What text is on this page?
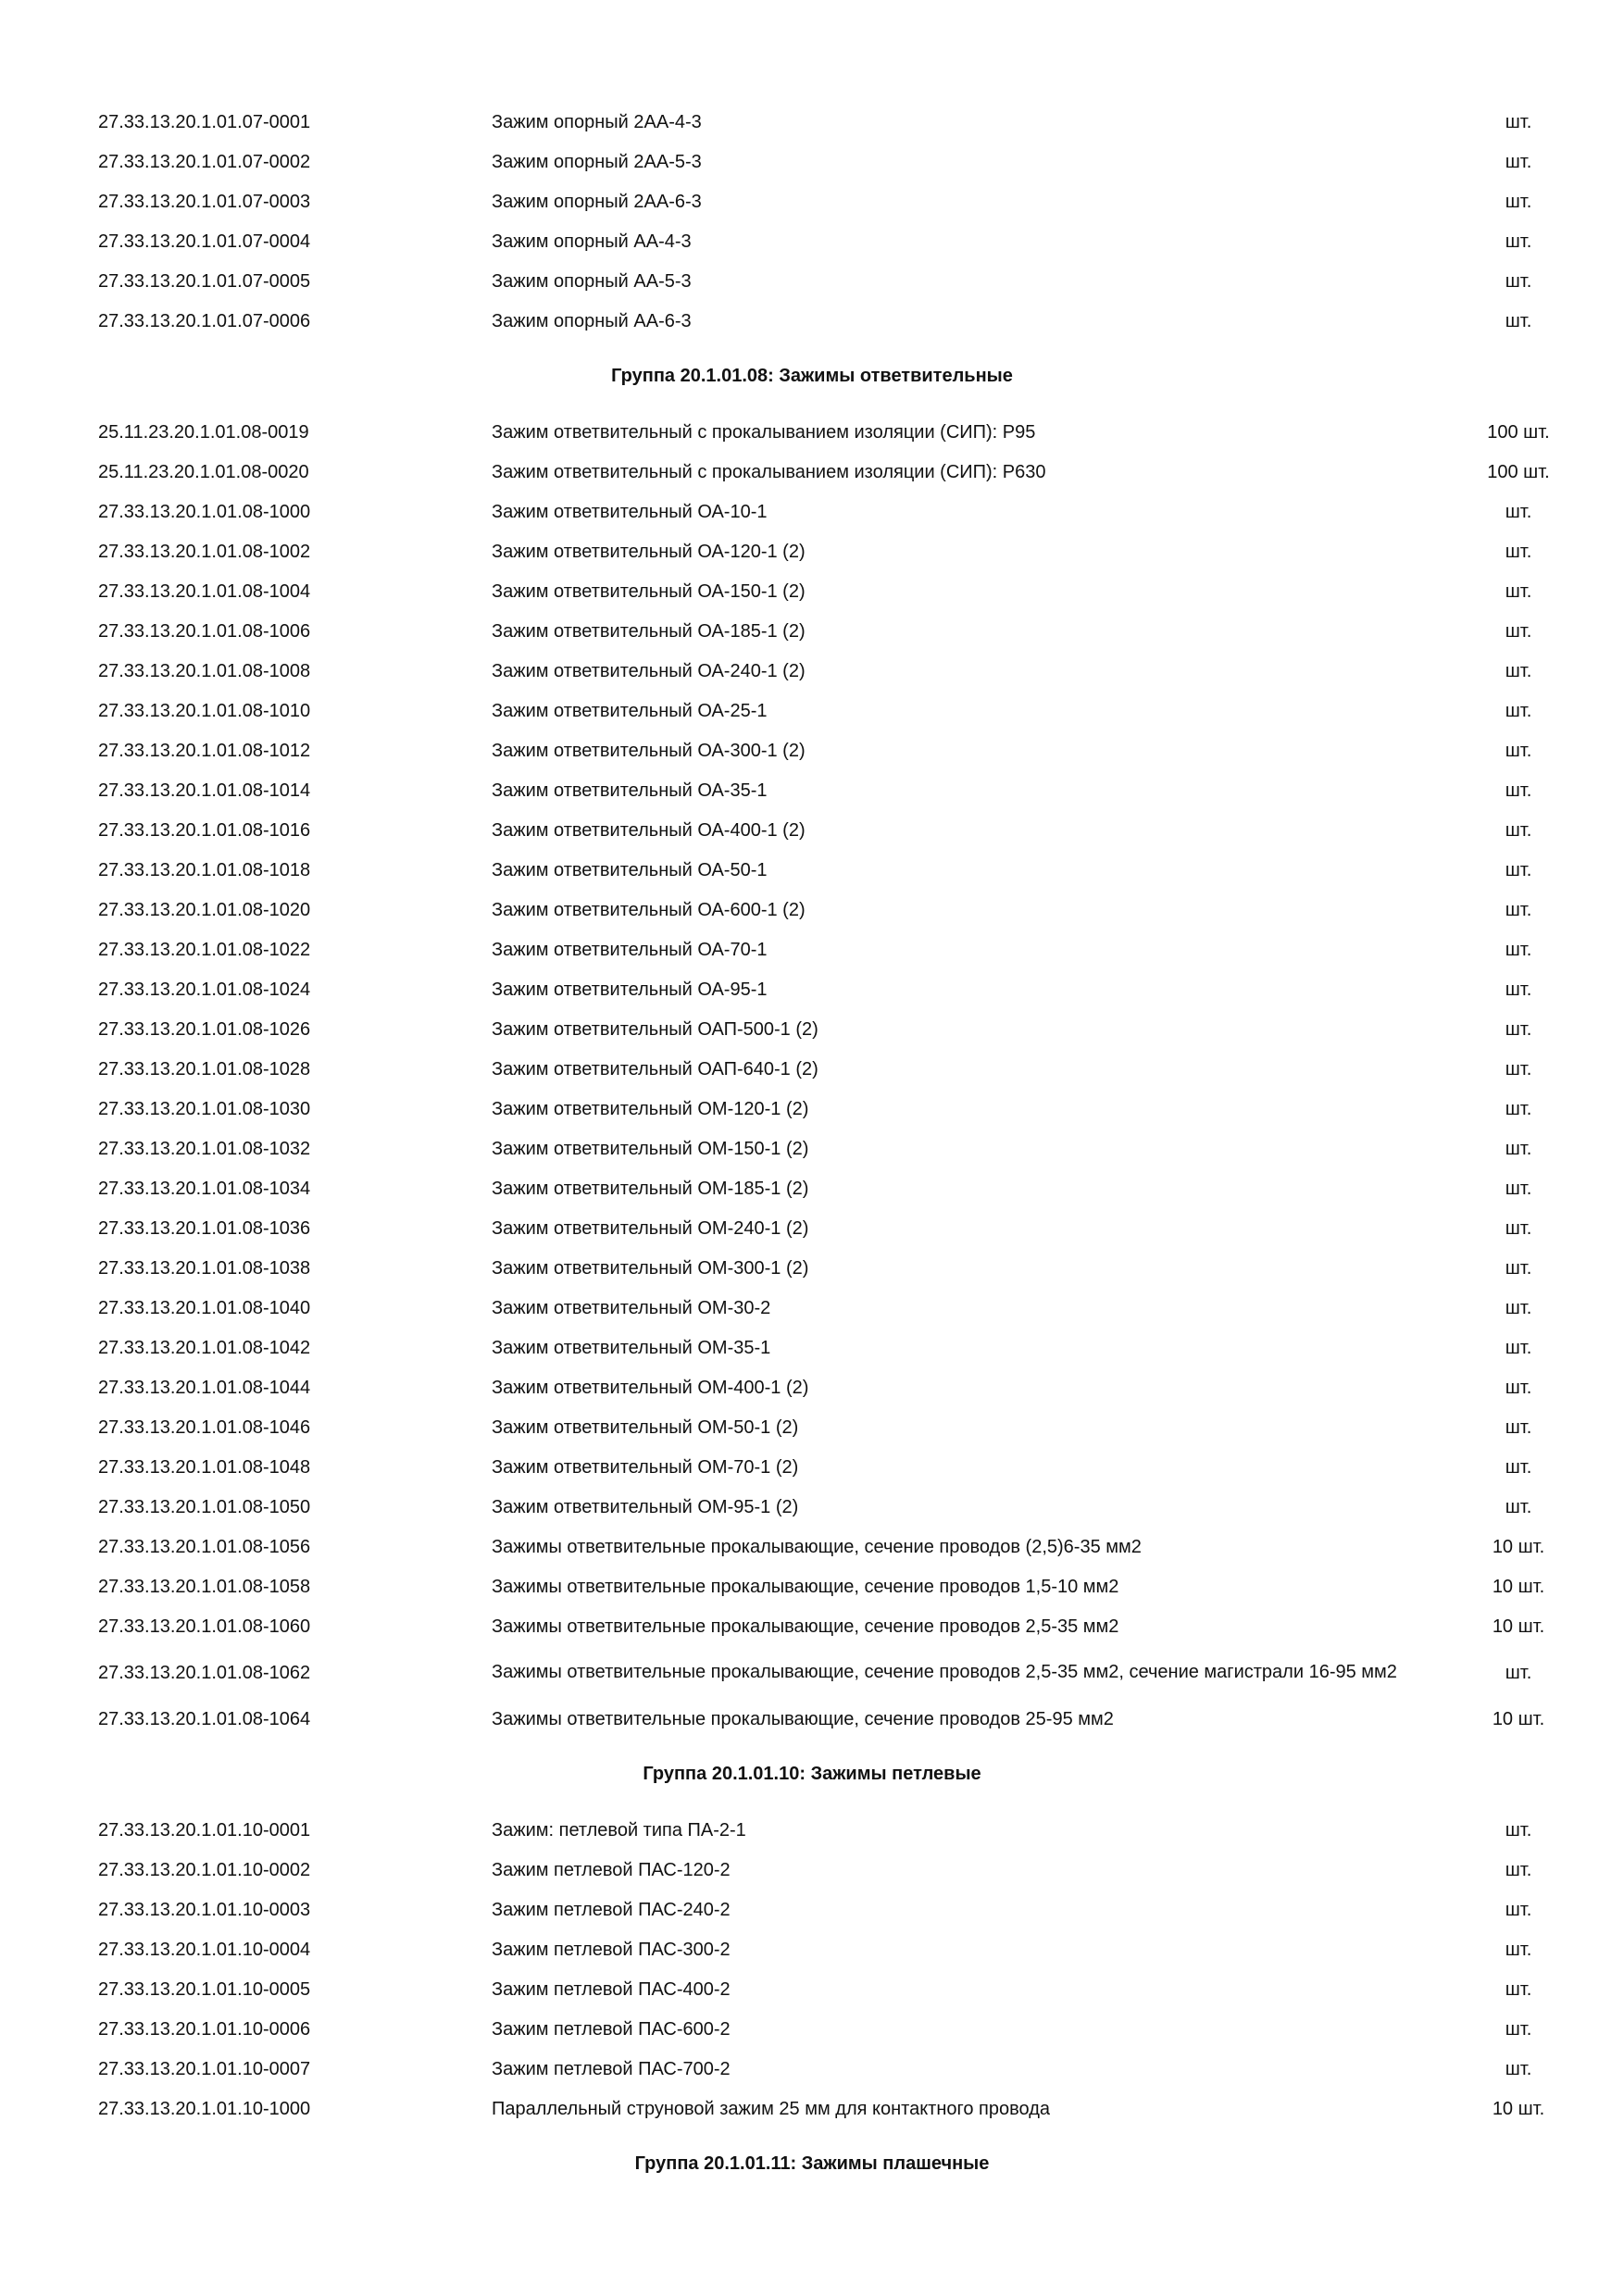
27.33.13.20.1.01.07-0001	Зажим опорный 2АА-4-3	шт.
27.33.13.20.1.01.07-0002	Зажим опорный 2АА-5-3	шт.
27.33.13.20.1.01.07-0003	Зажим опорный 2АА-6-3	шт.
27.33.13.20.1.01.07-0004	Зажим опорный АА-4-3	шт.
27.33.13.20.1.01.07-0005	Зажим опорный АА-5-3	шт.
27.33.13.20.1.01.07-0006	Зажим опорный АА-6-3	шт.
Группа 20.1.01.08: Зажимы ответвительные
25.11.23.20.1.01.08-0019	Зажим ответвительный с прокалыванием изоляции (СИП): Р95	100 шт.
25.11.23.20.1.01.08-0020	Зажим ответвительный с прокалыванием изоляции (СИП): Р630	100 шт.
27.33.13.20.1.01.08-1000	Зажим ответвительный ОА-10-1	шт.
27.33.13.20.1.01.08-1002	Зажим ответвительный ОА-120-1 (2)	шт.
27.33.13.20.1.01.08-1004	Зажим ответвительный ОА-150-1 (2)	шт.
27.33.13.20.1.01.08-1006	Зажим ответвительный ОА-185-1 (2)	шт.
27.33.13.20.1.01.08-1008	Зажим ответвительный ОА-240-1 (2)	шт.
27.33.13.20.1.01.08-1010	Зажим ответвительный ОА-25-1	шт.
27.33.13.20.1.01.08-1012	Зажим ответвительный ОА-300-1 (2)	шт.
27.33.13.20.1.01.08-1014	Зажим ответвительный ОА-35-1	шт.
27.33.13.20.1.01.08-1016	Зажим ответвительный ОА-400-1 (2)	шт.
27.33.13.20.1.01.08-1018	Зажим ответвительный ОА-50-1	шт.
27.33.13.20.1.01.08-1020	Зажим ответвительный ОА-600-1 (2)	шт.
27.33.13.20.1.01.08-1022	Зажим ответвительный ОА-70-1	шт.
27.33.13.20.1.01.08-1024	Зажим ответвительный ОА-95-1	шт.
27.33.13.20.1.01.08-1026	Зажим ответвительный ОАП-500-1 (2)	шт.
27.33.13.20.1.01.08-1028	Зажим ответвительный ОАП-640-1 (2)	шт.
27.33.13.20.1.01.08-1030	Зажим ответвительный ОМ-120-1 (2)	шт.
27.33.13.20.1.01.08-1032	Зажим ответвительный ОМ-150-1 (2)	шт.
27.33.13.20.1.01.08-1034	Зажим ответвительный ОМ-185-1 (2)	шт.
27.33.13.20.1.01.08-1036	Зажим ответвительный ОМ-240-1 (2)	шт.
27.33.13.20.1.01.08-1038	Зажим ответвительный ОМ-300-1 (2)	шт.
27.33.13.20.1.01.08-1040	Зажим ответвительный ОМ-30-2	шт.
27.33.13.20.1.01.08-1042	Зажим ответвительный ОМ-35-1	шт.
27.33.13.20.1.01.08-1044	Зажим ответвительный ОМ-400-1 (2)	шт.
27.33.13.20.1.01.08-1046	Зажим ответвительный ОМ-50-1 (2)	шт.
27.33.13.20.1.01.08-1048	Зажим ответвительный ОМ-70-1 (2)	шт.
27.33.13.20.1.01.08-1050	Зажим ответвительный ОМ-95-1 (2)	шт.
27.33.13.20.1.01.08-1056	Зажимы ответвительные прокалывающие, сечение проводов (2,5)6-35 мм2	10 шт.
27.33.13.20.1.01.08-1058	Зажимы ответвительные прокалывающие, сечение проводов 1,5-10 мм2	10 шт.
27.33.13.20.1.01.08-1060	Зажимы ответвительные прокалывающие, сечение проводов 2,5-35 мм2	10 шт.
27.33.13.20.1.01.08-1062	Зажимы ответвительные прокалывающие, сечение проводов 2,5-35 мм2, сечение магистрали 16-95 мм2	шт.
27.33.13.20.1.01.08-1064	Зажимы ответвительные прокалывающие, сечение проводов 25-95 мм2	10 шт.
Группа 20.1.01.10: Зажимы петлевые
27.33.13.20.1.01.10-0001	Зажим: петлевой типа ПА-2-1	шт.
27.33.13.20.1.01.10-0002	Зажим петлевой ПАС-120-2	шт.
27.33.13.20.1.01.10-0003	Зажим петлевой ПАС-240-2	шт.
27.33.13.20.1.01.10-0004	Зажим петлевой ПАС-300-2	шт.
27.33.13.20.1.01.10-0005	Зажим петлевой ПАС-400-2	шт.
27.33.13.20.1.01.10-0006	Зажим петлевой ПАС-600-2	шт.
27.33.13.20.1.01.10-0007	Зажим петлевой ПАС-700-2	шт.
27.33.13.20.1.01.10-1000	Параллельный струновой зажим 25 мм для контактного провода	10 шт.
Группа 20.1.01.11: Зажимы плашечные
